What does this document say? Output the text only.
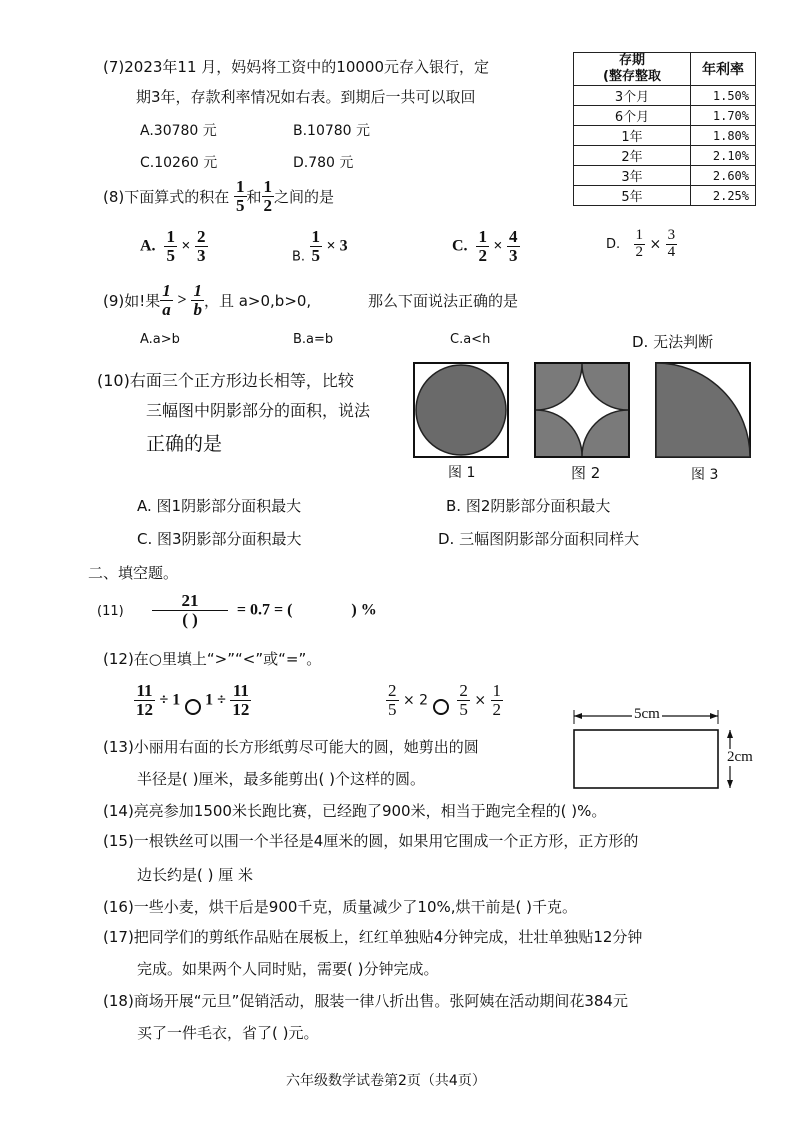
(7)2023年11 月，妈妈将工资中的10000元存入银行，定
期3年，存款利率情况如右表。到期后一共可以取回
A.30780 元	B.10780 元
C.10260 元	D.780 元
存期
(整存整取	年利率
3个月	1.50%
6个月	1.70%
1年	1.80%
2年	2.10%
3年	2.60%
5年	2.25%
(8)下面算式的积在 $\frac{1}{5}$ 和 $\frac{1}{2}$ 之间的是
A. $\frac{1}{5} \times \frac{2}{3}$	B. $\frac{1}{5} \times 3$	C. $\frac{1}{2} \times \frac{4}{3}$	D. $\frac{1}{2} \times \frac{3}{4}$
(9)如!果 $\frac{1}{a} > \frac{1}{b}$ ，且 a>0,b>0,	那么下面说法正确的是
A.a>b	B.a=b	C.a<h	D. 无法判断
(10)右面三个正方形边长相等，比较
三幅图中阴影部分的面积，说法
正确的是
图 1	图 2	图 3
A. 图1阴影部分面积最大	B. 图2阴影部分面积最大
C. 图3阴影部分面积最大	D. 三幅图阴影部分面积同样大
二、填空题。
$(11) \frac{21}{( )} = 0.7$ = (	) %
(12)在○里填上“>”“<”或“=”。
$\frac{11}{12} \div 1$ $1 \div \frac{11}{12}$	$\frac{2}{5} \times 2 \frac{2}{5} \times \frac{1}{2}$
(13)小丽用右面的长方形纸剪尽可能大的圆，她剪出的圆
半径是( )厘米，最多能剪出( )个这样的圆。
5cm
2cm
(14)亮亮参加1500米长跑比赛，已经跑了900米，相当于跑完全程的( )%。
(15)一根铁丝可以围一个半径是4厘米的圆，如果用它围成一个正方形，正方形的
边长约是( ) 厘 米
(16)一些小麦，烘干后是900千克，质量减少了10%,烘干前是( )千克。
(17)把同学们的剪纸作品贴在展板上，红红单独贴4分钟完成，壮壮单独贴12分钟
完成。如果两个人同时贴，需要( )分钟完成。
(18)商场开展“元旦”促销活动，服装一律八折出售。张阿姨在活动期间花384元
买了一件毛衣，省了( )元。
六年级数学试卷第2页（共4页）
